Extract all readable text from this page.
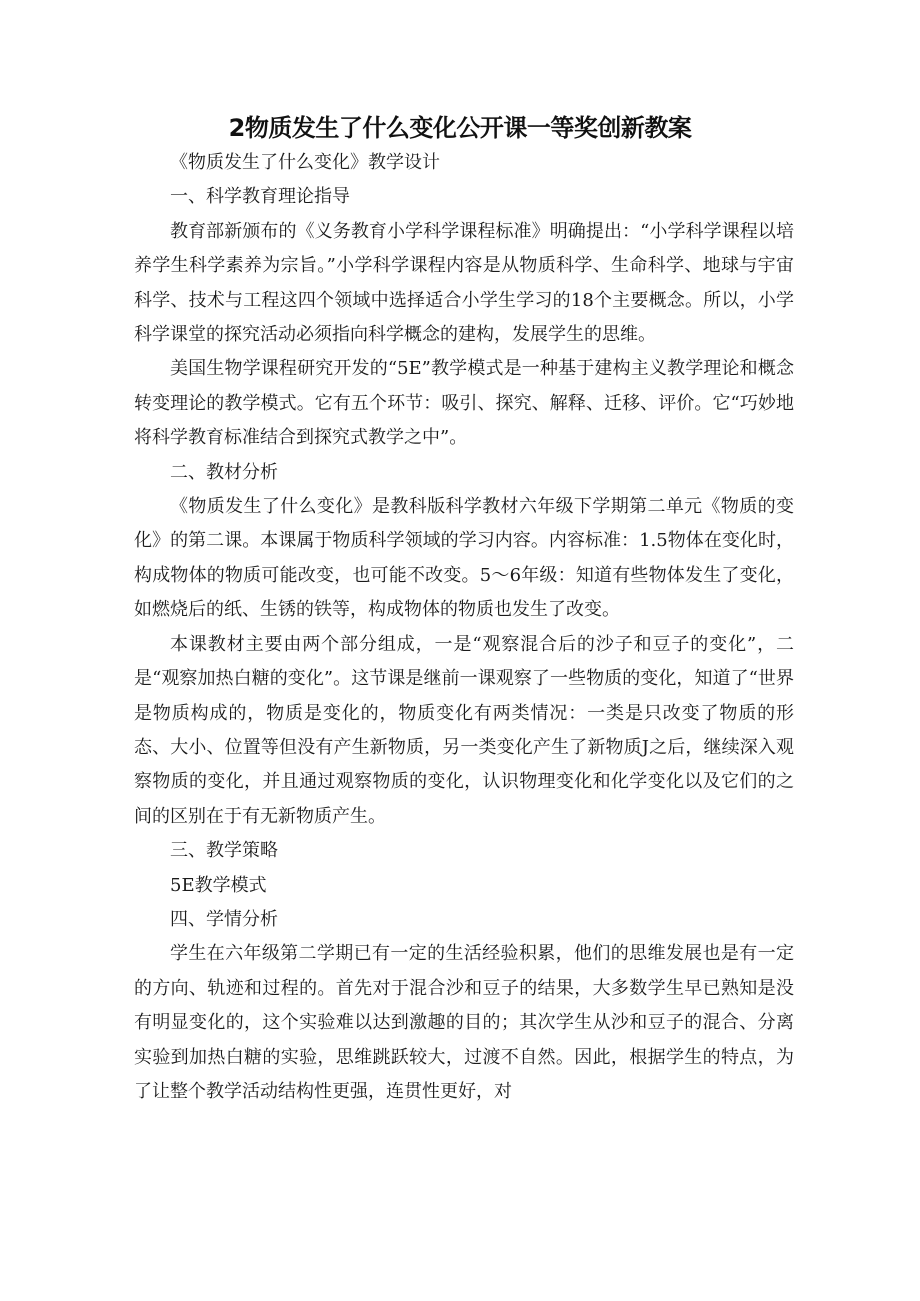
2物质发生了什么变化公开课一等奖创新教案

《物质发生了什么变化》教学设计

一、科学教育理论指导

教育部新颁布的《义务教育小学科学课程标准》明确提出：“小学科学课程以培养学生科学素养为宗旨。”小学科学课程内容是从物质科学、生命科学、地球与宇宙科学、技术与工程这四个领域中选择适合小学生学习的18个主要概念。所以，小学科学课堂的探究活动必须指向科学概念的建构，发展学生的思维。

美国生物学课程研究开发的“5E”教学模式是一种基于建构主义教学理论和概念转变理论的教学模式。它有五个环节：吸引、探究、解释、迁移、评价。它“巧妙地将科学教育标准结合到探究式教学之中”。

二、教材分析

《物质发生了什么变化》是教科版科学教材六年级下学期第二单元《物质的变化》的第二课。本课属于物质科学领域的学习内容。内容标准：1.5物体在变化时，构成物体的物质可能改变，也可能不改变。5～6年级：知道有些物体发生了变化，如燃烧后的纸、生锈的铁等，构成物体的物质也发生了改变。

本课教材主要由两个部分组成，一是“观察混合后的沙子和豆子的变化”，二是“观察加热白糖的变化”。这节课是继前一课观察了一些物质的变化，知道了“世界是物质构成的，物质是变化的，物质变化有两类情况：一类是只改变了物质的形态、大小、位置等但没有产生新物质，另一类变化产生了新物质J之后，继续深入观察物质的变化，并且通过观察物质的变化，认识物理变化和化学变化以及它们的之间的区别在于有无新物质产生。

三、教学策略

5E教学模式

四、学情分析

学生在六年级第二学期已有一定的生活经验积累，他们的思维发展也是有一定的方向、轨迹和过程的。首先对于混合沙和豆子的结果，大多数学生早已熟知是没有明显变化的，这个实验难以达到激趣的目的；其次学生从沙和豆子的混合、分离实验到加热白糖的实验，思维跳跃较大，过渡不自然。因此，根据学生的特点，为了让整个教学活动结构性更强，连贯性更好，对
